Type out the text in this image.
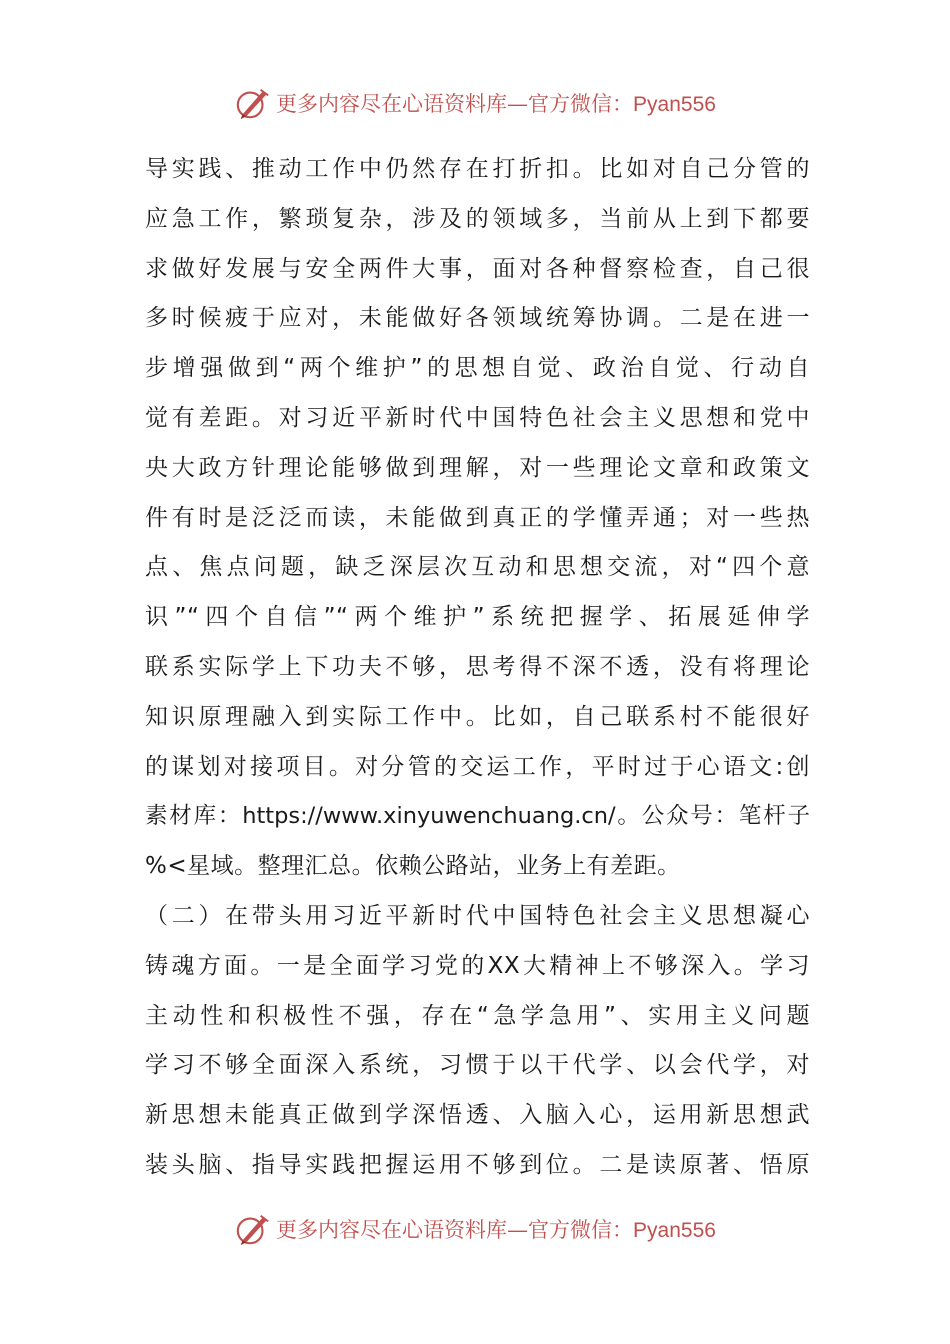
更多内容尽在心语资料库—官方微信：Pyan556
导实践、推动工作中仍然存在打折扣。比如对自己分管的
应急工作，繁琐复杂，涉及的领域多，当前从上到下都要
求做好发展与安全两件大事，面对各种督察检查，自己很
多时候疲于应对，未能做好各领域统筹协调。二是在进一
步增强做到“两个维护”的思想自觉、政治自觉、行动自
觉有差距。对习近平新时代中国特色社会主义思想和党中
央大政方针理论能够做到理解，对一些理论文章和政策文
件有时是泛泛而读，未能做到真正的学懂弄通；对一些热
点、焦点问题，缺乏深层次互动和思想交流，对“四个意
识”“四个自信”“两个维护”系统把握学、拓展延伸学
联系实际学上下功夫不够，思考得不深不透，没有将理论
知识原理融入到实际工作中。比如，自己联系村不能很好
的谋划对接项目。对分管的交运工作，平时过于心语文:创
素材库：https://www.xinyuwenchuang.cn/。公众号：笔杆子
%<星域。整理汇总。依赖公路站，业务上有差距。
（二）在带头用习近平新时代中国特色社会主义思想凝心
铸魂方面。一是全面学习党的XX大精神上不够深入。学习
主动性和积极性不强，存在“急学急用”、实用主义问题
学习不够全面深入系统，习惯于以干代学、以会代学，对
新思想未能真正做到学深悟透、入脑入心，运用新思想武
装头脑、指导实践把握运用不够到位。二是读原著、悟原
更多内容尽在心语资料库—官方微信：Pyan556
